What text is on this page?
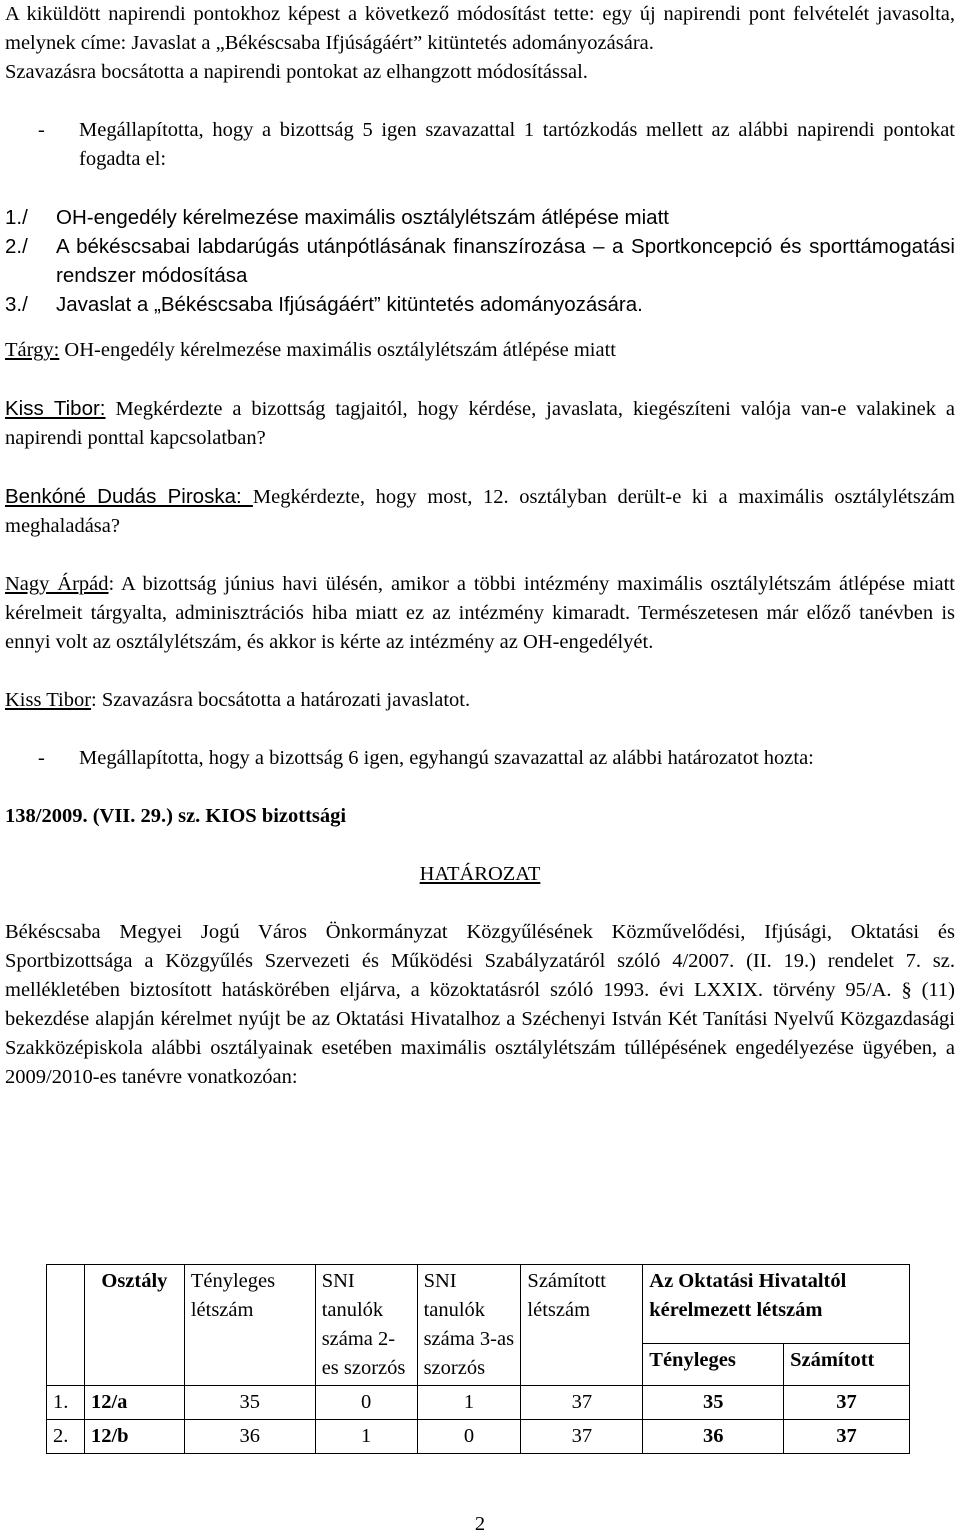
A kiküldött napirendi pontokhoz képest a következő módosítást tette: egy új napirendi pont felvételét javasolta, melynek címe: Javaslat a „Békéscsaba Ifjúságáért” kitüntetés adományozására.

Szavazásra bocsátotta a napirendi pontokat az elhangzott módosítással.

-	Megállapította, hogy a bizottság 5 igen szavazattal 1 tartózkodás mellett az alábbi napirendi pontokat fogadta el:

1./	OH-engedély kérelmezése maximális osztálylétszám átlépése miatt
2./	A békéscsabai labdarúgás utánpótlásának finanszírozása – a Sportkoncepció és sporttámogatási rendszer módosítása
3./	Javaslat a „Békéscsaba Ifjúságáért” kitüntetés adományozására.

Tárgy: OH-engedély kérelmezése maximális osztálylétszám átlépése miatt

Kiss Tibor: Megkérdezte a bizottság tagjaitól, hogy kérdése, javaslata, kiegészíteni valója van-e valakinek a napirendi ponttal kapcsolatban?

Benkóné Dudás Piroska: Megkérdezte, hogy most, 12. osztályban derült-e ki a maximális osztálylétszám meghaladása?

Nagy Árpád: A bizottság június havi ülésén, amikor a többi intézmény maximális osztálylétszám átlépése miatt kérelmeit tárgyalta, adminisztrációs hiba miatt ez az intézmény kimaradt. Természetesen már előző tanévben is ennyi volt az osztálylétszám, és akkor is kérte az intézmény az OH-engedélyét.

Kiss Tibor: Szavazásra bocsátotta a határozati javaslatot.

-	Megállapította, hogy a bizottság 6 igen, egyhangú szavazattal az alábbi határozatot hozta:

138/2009. (VII. 29.) sz. KIOS bizottsági

HATÁROZAT

Békéscsaba Megyei Jogú Város Önkormányzat Közgyűlésének Közművelődési, Ifjúsági, Oktatási és Sportbizottsága a Közgyűlés Szervezeti és Működési Szabályzatáról szóló 4/2007. (II. 19.) rendelet 7. sz. mellékletében biztosított hatáskörében eljárva, a közoktatásról szóló 1993. évi LXXIX. törvény 95/A. § (11) bekezdése alapján kérelmet nyújt be az Oktatási Hivatalhoz a Széchenyi István Két Tanítási Nyelvű Közgazdasági Szakközépiskola alábbi osztályainak esetében maximális osztálylétszám túllépésének engedélyezése ügyében, a 2009/2010-es tanévre vonatkozóan:

	Osztály	Tényleges létszám	SNI tanulók száma 2-es szorzós	SNI tanulók száma 3-as szorzós	Számított létszám	Az Oktatási Hivataltól kérelmezett létszám	
						Tényleges	Számított
1.	12/a	35	0	1	37	35	37
2.	12/b	36	1	0	37	36	37
2
